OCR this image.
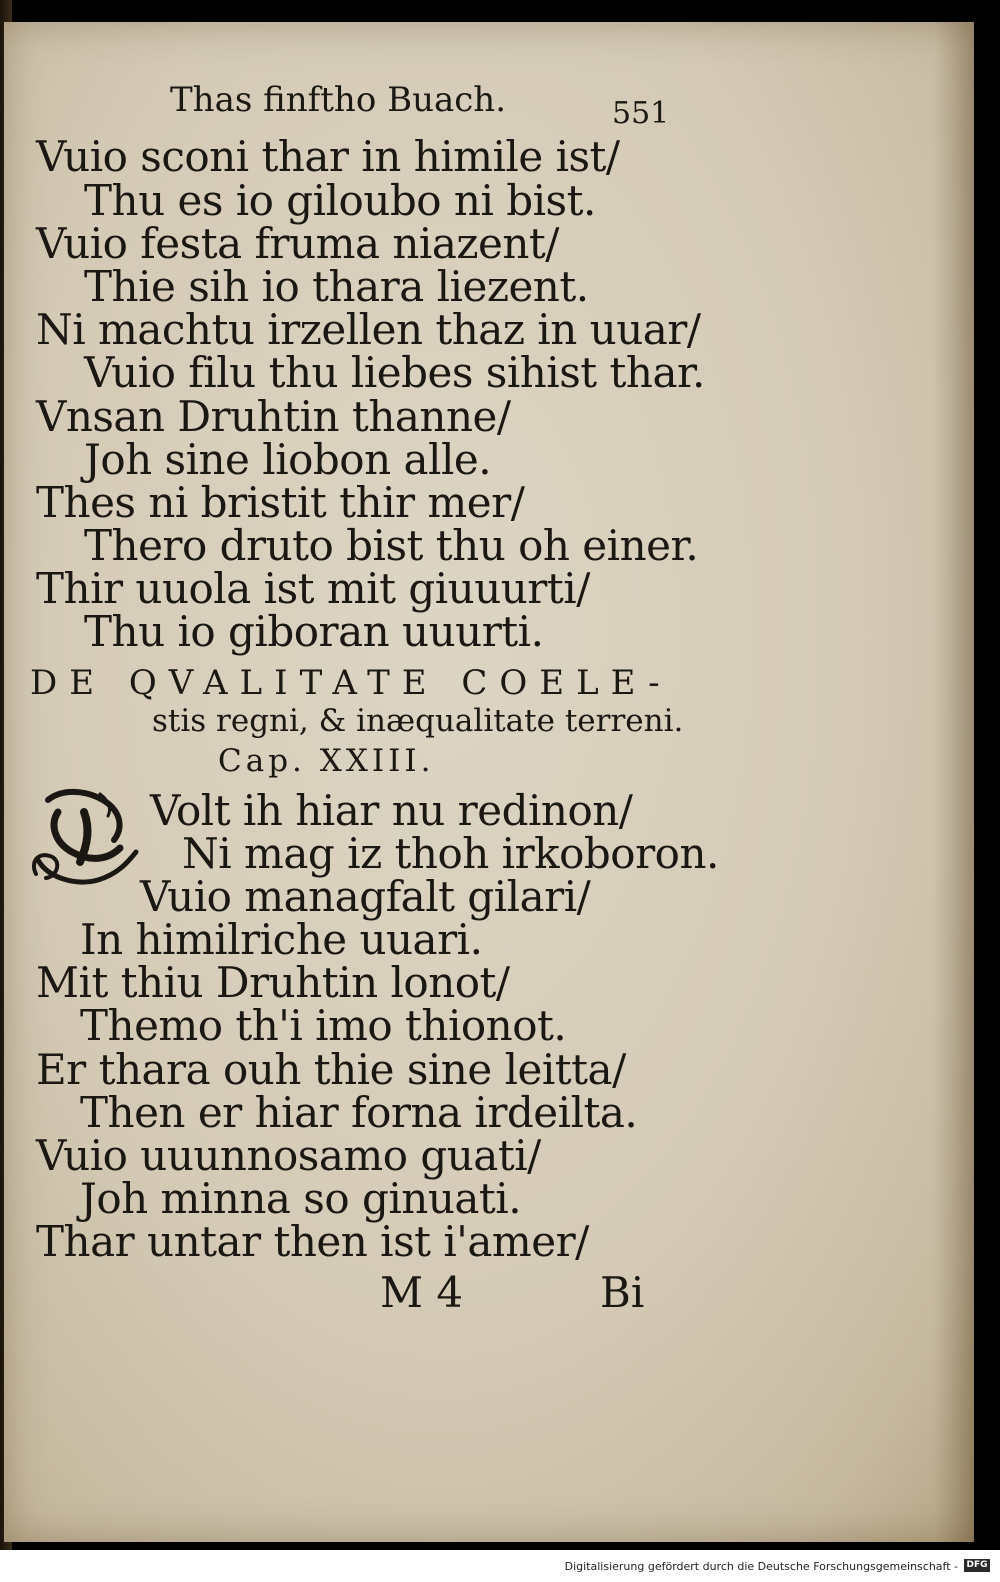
Thas finftho Buach.	551
Vuio sconi thar in himile ist/
Thu es io giloubo ni bist.
Vuio festa fruma niazent/
Thie sih io thara liezent.
Ni machtu irzellen thaz in uuar/
Vuio filu thu liebes sihist thar.
Vnsan Druhtin thanne/
Joh sine liobon alle.
Thes ni bristit thir mer/
Thero druto bist thu oh einer.
Thir uuola ist mit giuuurti/
Thu io giboran uuurti.
DE QVALITATE COELE-
stis regni, & inæqualitate terreni.
Cap. XXIII.
Volt ih hiar nu redinon/
Ni mag iz thoh irkoboron.
Vuio managfalt gilari/
In himilriche uuari.
Mit thiu Druhtin lonot/
Themo th'i imo thionot.
Er thara ouh thie sine leitta/
Then er hiar forna irdeilta.
Vuio uuunnosamo guati/
Joh minna so ginuati.
Thar untar then ist i'amer/
M 4	Bi
Digitalisierung gefördert durch die Deutsche Forschungsgemeinschaft - DFG
